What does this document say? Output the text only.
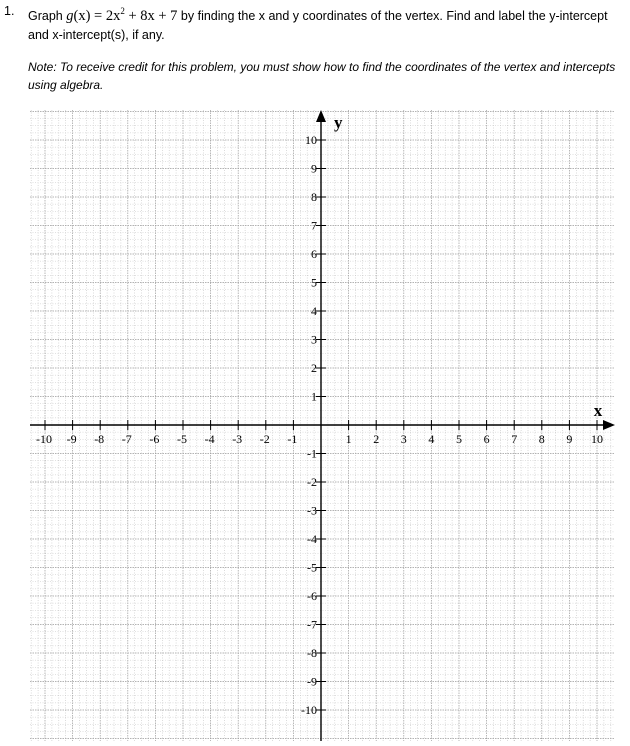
1. Graph $g(x) = 2x^2 + 8x + 7$ by finding the x and y coordinates of the vertex. Find and label the y-intercept and x-intercept(s), if any.
Note: To receive credit for this problem, you must show how to find the coordinates of the vertex and intercepts using algebra.
-10 -9 -8 -7 -6 -5 -4 -3 -2 -1	1 2 3 4 5 6 7 8 9 10
10
9
8
7
6
5
4
3
2
1
-1
-2
-3
-4
-5
-6
-7
-8
-9
-10
x
y
